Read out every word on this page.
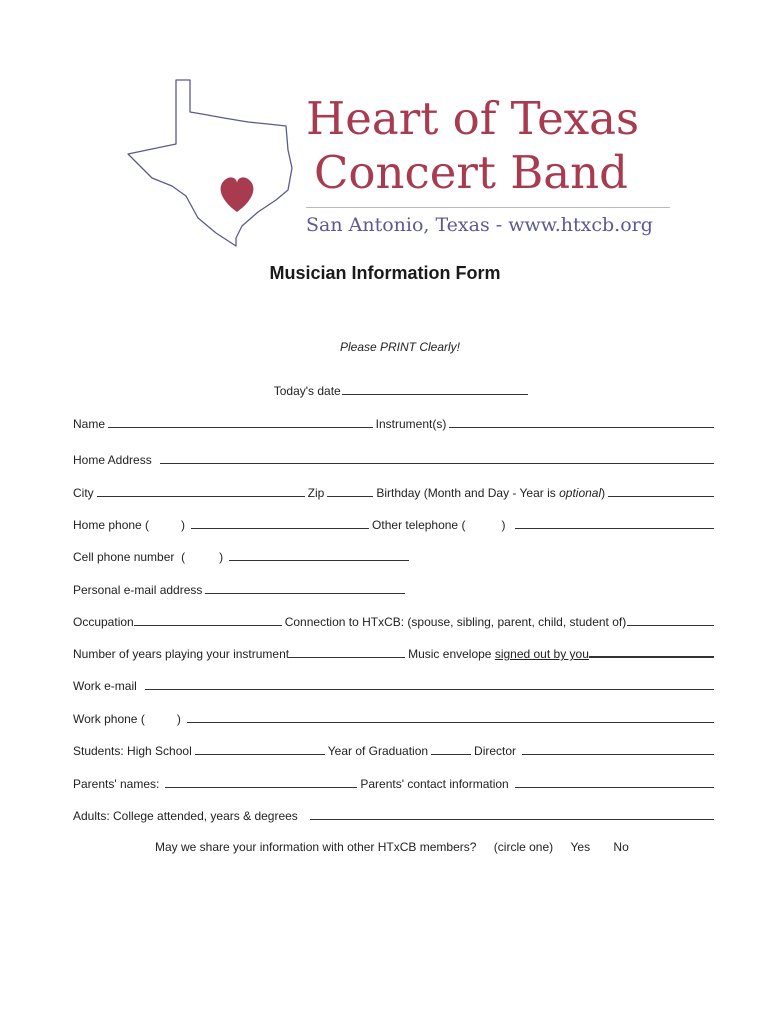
Heart of Texas
Concert Band
San Antonio, Texas - www.htxcb.org
Musician Information Form
Please PRINT Clearly!

Today's date

Name	Instrument(s)
Home Address
City	Zip	Birthday (Month and Day - Year is optional )
Home phone (	)	Other telephone (	)
Cell phone number  (	)
Personal e-mail address
Occupation	Connection to HTxCB: (spouse, sibling, parent, child, student of)
Number of years playing your instrument	Music envelope signed out by you
Work e-mail
Work phone (	)
Students: High School	Year of Graduation	Director
Parents' names:	Parents' contact information
Adults: College attended, years & degrees
May we share your information with other HTxCB members? (circle one) Yes No
